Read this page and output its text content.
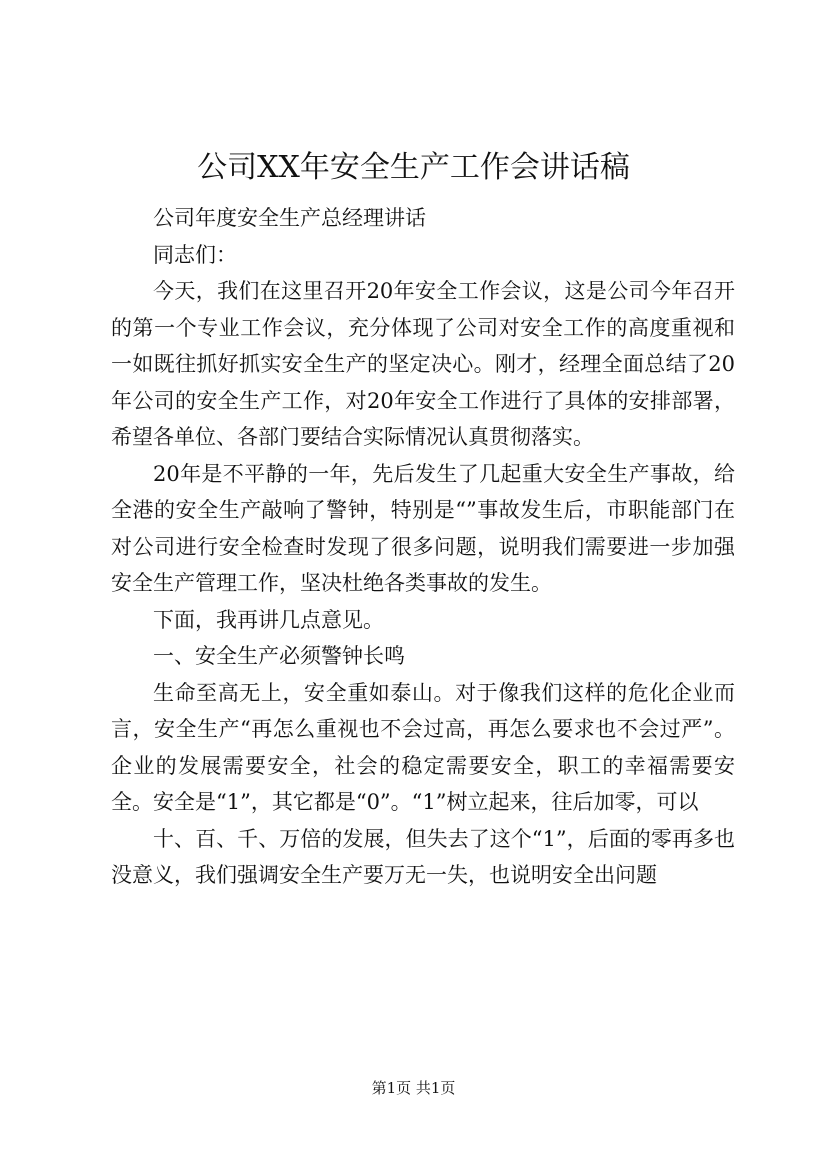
公司XX年安全生产工作会讲话稿

公司年度安全生产总经理讲话

同志们：

今天，我们在这里召开20年安全工作会议，这是公司今年召开的第一个专业工作会议，充分体现了公司对安全工作的高度重视和一如既往抓好抓实安全生产的坚定决心。刚才，经理全面总结了20年公司的安全生产工作，对20年安全工作进行了具体的安排部署，希望各单位、各部门要结合实际情况认真贯彻落实。

20年是不平静的一年，先后发生了几起重大安全生产事故，给全港的安全生产敲响了警钟，特别是“”事故发生后，市职能部门在对公司进行安全检查时发现了很多问题，说明我们需要进一步加强安全生产管理工作，坚决杜绝各类事故的发生。

下面，我再讲几点意见。

一、安全生产必须警钟长鸣

生命至高无上，安全重如泰山。对于像我们这样的危化企业而言，安全生产“再怎么重视也不会过高，再怎么要求也不会过严”。企业的发展需要安全，社会的稳定需要安全，职工的幸福需要安全。安全是“1”，其它都是“0”。“1”树立起来，往后加零，可以

十、百、千、万倍的发展，但失去了这个“1”，后面的零再多也没意义，我们强调安全生产要万无一失，也说明安全出问题

第1页 共1页
